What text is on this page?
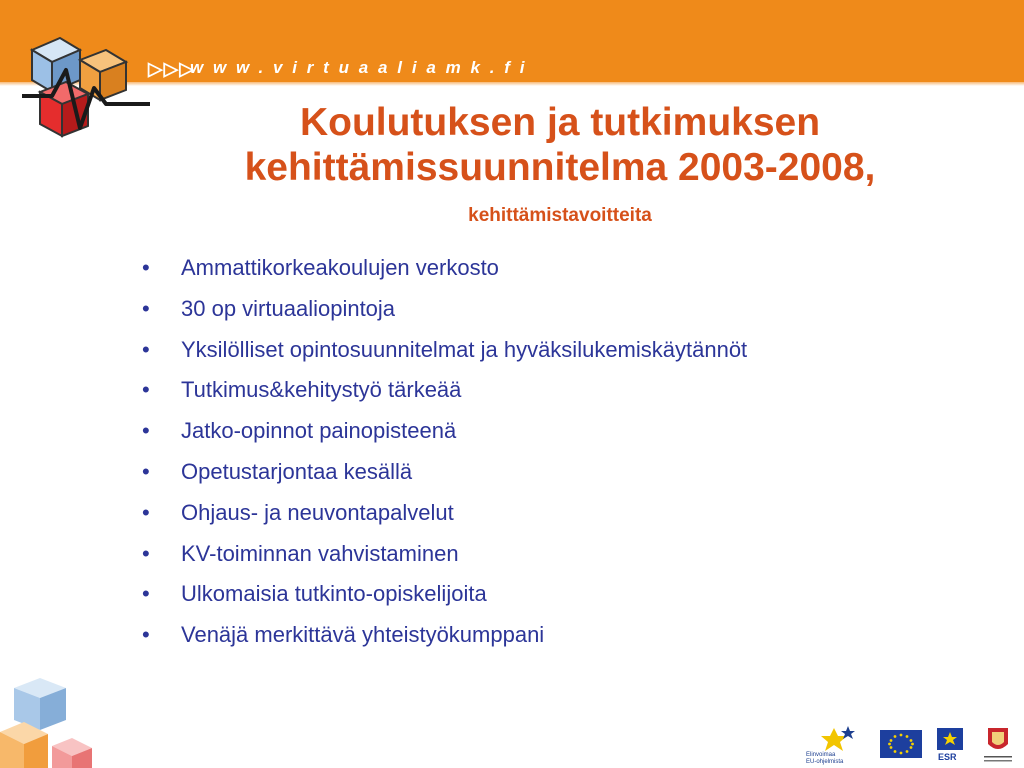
▷▷▷
www.virtuaaliamk.fi
Koulutuksen ja tutkimuksen
kehittämissuunnitelma 2003-2008,
kehittämistavoitteita
• Ammattikorkeakoulujen verkosto
• 30 op virtuaaliopintoja
• Yksilölliset opintosuunnitelmat ja hyväksilukemiskäytännöt
• Tutkimus&kehitystyö tärkeää
• Jatko-opinnot painopisteenä
• Opetustarjontaa kesällä
• Ohjaus- ja neuvontapalvelut
• KV-toiminnan vahvistaminen
• Ulkomaisia tutkinto-opiskelijoita
• Venäjä merkittävä yhteistyökumppani
Elinvoimaa
EU-ohjelmista	ESR
